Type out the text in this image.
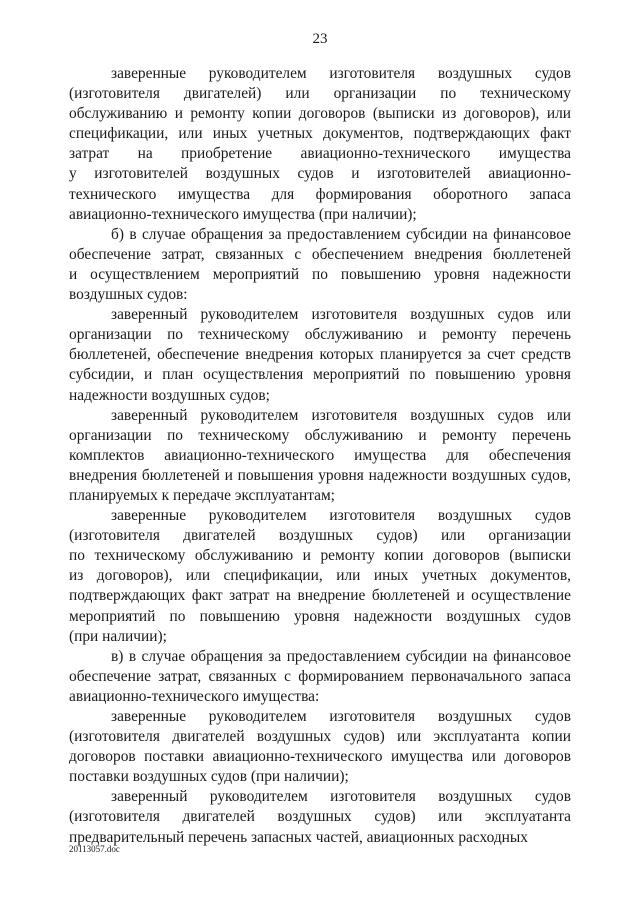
23
заверенные руководителем изготовителя воздушных судов
(изготовителя двигателей) или организации по техническому
обслуживанию и ремонту копии договоров (выписки из договоров), или
спецификации, или иных учетных документов, подтверждающих факт
затрат на приобретение авиационно-технического имущества
у изготовителей воздушных судов и изготовителей авиационно-
технического имущества для формирования оборотного запаса
авиационно-технического имущества (при наличии);
б) в случае обращения за предоставлением субсидии на финансовое
обеспечение затрат, связанных с обеспечением внедрения бюллетеней
и осуществлением мероприятий по повышению уровня надежности
воздушных судов:
заверенный руководителем изготовителя воздушных судов или
организации по техническому обслуживанию и ремонту перечень
бюллетеней, обеспечение внедрения которых планируется за счет средств
субсидии, и план осуществления мероприятий по повышению уровня
надежности воздушных судов;
заверенный руководителем изготовителя воздушных судов или
организации по техническому обслуживанию и ремонту перечень
комплектов авиационно-технического имущества для обеспечения
внедрения бюллетеней и повышения уровня надежности воздушных судов,
планируемых к передаче эксплуатантам;
заверенные руководителем изготовителя воздушных судов
(изготовителя двигателей воздушных судов) или организации
по техническому обслуживанию и ремонту копии договоров (выписки
из договоров), или спецификации, или иных учетных документов,
подтверждающих факт затрат на внедрение бюллетеней и осуществление
мероприятий по повышению уровня надежности воздушных судов
(при наличии);
в) в случае обращения за предоставлением субсидии на финансовое
обеспечение затрат, связанных с формированием первоначального запаса
авиационно-технического имущества:
заверенные руководителем изготовителя воздушных судов
(изготовителя двигателей воздушных судов) или эксплуатанта копии
договоров поставки авиационно-технического имущества или договоров
поставки воздушных судов (при наличии);
заверенный руководителем изготовителя воздушных судов
(изготовителя двигателей воздушных судов) или эксплуатанта
предварительный перечень запасных частей, авиационных расходных
20113057.doc
